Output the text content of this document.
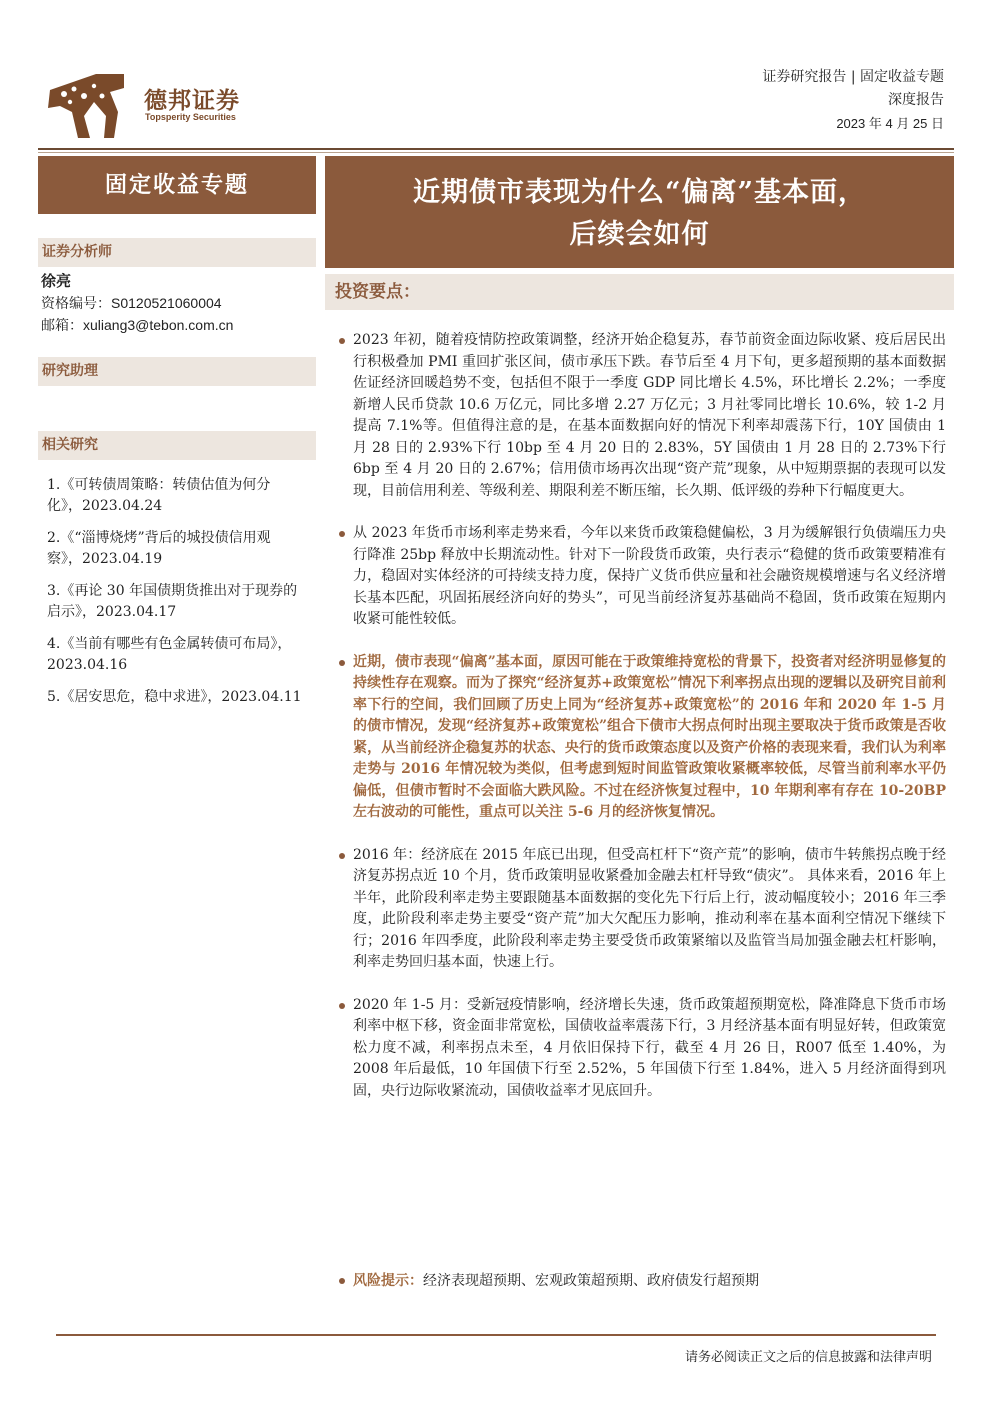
德邦证券
Topsperity Securities
证券研究报告 | 固定收益专题
深度报告
2023 年 4 月 25 日
固定收益专题	近期债市表现为什么“偏离”基本面，
后续会如何
证券分析师
徐亮
资格编号：S0120521060004
邮箱：xuliang3@tebon.com.cn
研究助理
相关研究
1.《可转债周策略：转债估值为何分化》，2023.04.24
2.《“淄博烧烤”背后的城投债信用观察》，2023.04.19
3.《再论 30 年国债期货推出对于现券的启示》，2023.04.17
4.《当前有哪些有色金属转债可布局》，2023.04.16
5.《居安思危，稳中求进》，2023.04.11
投资要点：
2023 年初，随着疫情防控政策调整，经济开始企稳复苏，春节前资金面边际收紧、疫后居民出行积极叠加 PMI 重回扩张区间，债市承压下跌。春节后至 4 月下旬，更多超预期的基本面数据佐证经济回暖趋势不变，包括但不限于一季度 GDP 同比增长 4.5%，环比增长 2.2%；一季度新增人民币贷款 10.6 万亿元，同比多增 2.27 万亿元；3 月社零同比增长 10.6%，较 1-2 月提高 7.1%等。但值得注意的是，在基本面数据向好的情况下利率却震荡下行，10Y 国债由 1 月 28 日的 2.93%下行 10bp 至 4 月 20 日的 2.83%，5Y 国债由 1 月 28 日的 2.73%下行 6bp 至 4 月 20 日的 2.67%；信用债市场再次出现“资产荒”现象，从中短期票据的表现可以发现，目前信用利差、等级利差、期限利差不断压缩，长久期、低评级的券种下行幅度更大。
从 2023 年货币市场利率走势来看，今年以来货币政策稳健偏松，3 月为缓解银行负债端压力央行降准 25bp 释放中长期流动性。针对下一阶段货币政策，央行表示“稳健的货币政策要精准有力，稳固对实体经济的可持续支持力度，保持广义货币供应量和社会融资规模增速与名义经济增长基本匹配，巩固拓展经济向好的势头”，可见当前经济复苏基础尚不稳固，货币政策在短期内收紧可能性较低。
近期，债市表现“偏离”基本面，原因可能在于政策维持宽松的背景下，投资者对经济明显修复的持续性存在观察。而为了探究“经济复苏+政策宽松”情况下利率拐点出现的逻辑以及研究目前利率下行的空间，我们回顾了历史上同为“经济复苏+政策宽松”的 2016 年和 2020 年 1-5 月的债市情况，发现“经济复苏+政策宽松”组合下债市大拐点何时出现主要取决于货币政策是否收紧，从当前经济企稳复苏的状态、央行的货币政策态度以及资产价格的表现来看，我们认为利率走势与 2016 年情况较为类似，但考虑到短时间监管政策收紧概率较低，尽管当前利率水平仍偏低，但债市暂时不会面临大跌风险。不过在经济恢复过程中，10 年期利率有存在 10-20BP 左右波动的可能性，重点可以关注 5-6 月的经济恢复情况。
2016 年：经济底在 2015 年底已出现，但受高杠杆下“资产荒”的影响，债市牛转熊拐点晚于经济复苏拐点近 10 个月，货币政策明显收紧叠加金融去杠杆导致“债灾”。 具体来看，2016 年上半年，此阶段利率走势主要跟随基本面数据的变化先下行后上行，波动幅度较小；2016 年三季度，此阶段利率走势主要受“资产荒”加大欠配压力影响，推动利率在基本面利空情况下继续下行；2016 年四季度，此阶段利率走势主要受货币政策紧缩以及监管当局加强金融去杠杆影响，利率走势回归基本面，快速上行。
2020 年 1-5 月：受新冠疫情影响，经济增长失速，货币政策超预期宽松，降准降息下货币市场利率中枢下移，资金面非常宽松，国债收益率震荡下行，3 月经济基本面有明显好转，但政策宽松力度不减，利率拐点未至，4 月依旧保持下行，截至 4 月 26 日，R007 低至 1.40%，为 2008 年后最低，10 年国债下行至 2.52%，5 年国债下行至 1.84%，进入 5 月经济面得到巩固，央行边际收紧流动，国债收益率才见底回升。
风险提示：经济表现超预期、宏观政策超预期、政府债发行超预期
请务必阅读正文之后的信息披露和法律声明
